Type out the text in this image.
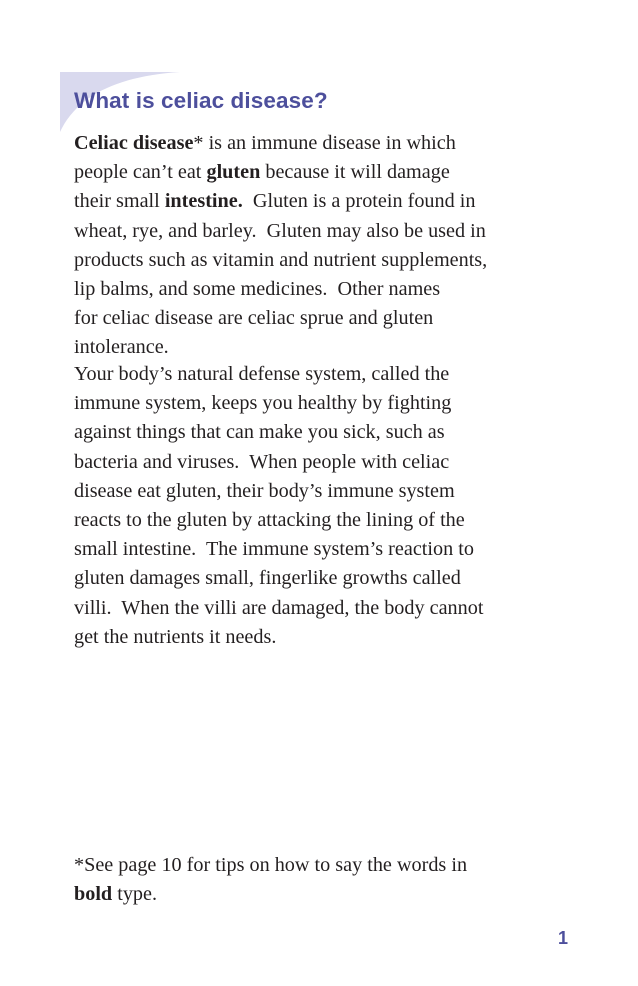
What is celiac disease?

Celiac disease* is an immune disease in which
people can’t eat gluten because it will damage
their small intestine.  Gluten is a protein found in
wheat, rye, and barley.  Gluten may also be used in
products such as vitamin and nutrient supplements,
lip balms, and some medicines.  Other names
for celiac disease are celiac sprue and gluten
intolerance.

Your body’s natural defense system, called the
immune system, keeps you healthy by fighting
against things that can make you sick, such as
bacteria and viruses.  When people with celiac
disease eat gluten, their body’s immune system
reacts to the gluten by attacking the lining of the
small intestine.  The immune system’s reaction to
gluten damages small, fingerlike growths called
villi.  When the villi are damaged, the body cannot
get the nutrients it needs.

*See page 10 for tips on how to say the words in
bold type.

1
